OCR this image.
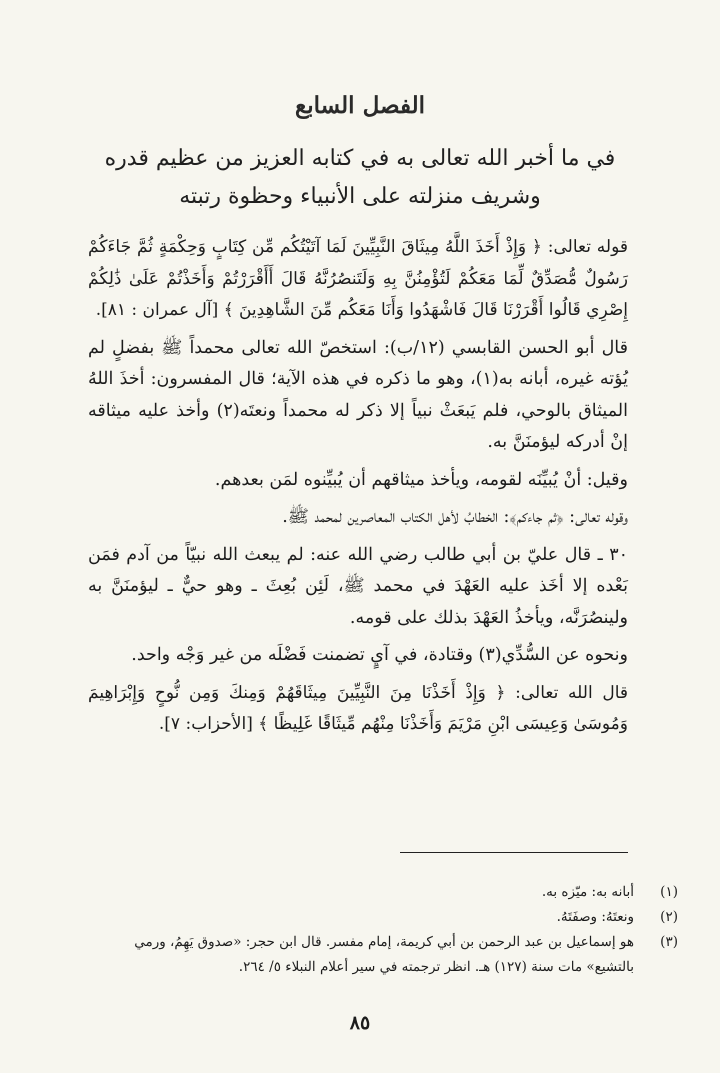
الفصل السابع

في ما أخبر الله تعالى به في كتابه العزيز من عظيم قدره وشريف منزلته على الأنبياء وحظوة رتبته

قوله تعالى: ﴿ وَإِذْ أَخَذَ اللَّهُ مِيثَاقَ النَّبِيِّينَ لَمَا آتَيْتُكُم مِّن كِتَابٍ وَحِكْمَةٍ ثُمَّ جَاءَكُمْ رَسُولٌ مُّصَدِّقٌ لِّمَا مَعَكُمْ لَتُؤْمِنُنَّ بِهِ وَلَتَنصُرُنَّهُ قَالَ أَأَقْرَرْتُمْ وَأَخَذْتُمْ عَلَىٰ ذَٰلِكُمْ إِصْرِي قَالُوا أَقْرَرْنَا قَالَ فَاشْهَدُوا وَأَنَا مَعَكُم مِّنَ الشَّاهِدِينَ ﴾ [آل عمران : ٨١].

قال أبو الحسن القابسي (١٢/ب): استخصّ الله تعالى محمداً ﷺ بفضلٍ لم يُؤته غيره، أبانه به(١)، وهو ما ذكره في هذه الآية؛ قال المفسرون: أخذَ اللهُ الميثاق بالوحي، فلم يَبعَثْ نبياً إلا ذكر له محمداً ونعتَه(٢) وأخذ عليه ميثاقه إنْ أدركه ليؤمنَنَّ به.

وقيل: أنْ يُبيِّنَه لقومه، ويأخذ ميثاقهم أن يُبيِّنوه لمَن بعدهم.

وقوله تعالى: ﴿ثم جاءكم﴾: الخطابُ لأهل الكتاب المعاصرين لمحمد ﷺ.

٣٠ ـ قال عليّ بن أبي طالب رضي الله عنه: لم يبعث الله نبيّاً من آدم فمَن بَعْده إلا أخَذ عليه العَهْدَ في محمد ﷺ، لَئِن بُعِثَ ـ وهو حيٌّ ـ ليؤمنَنَّ به ولينصُرَنَّه، ويأخذُ العَهْدَ بذلك على قومه.

ونحوه عن السُّدِّي(٣) وقتادة، في آيٍ تضمنت فَضْلَه من غير وَجْه واحد.

قال الله تعالى: ﴿ وَإِذْ أَخَذْنَا مِنَ النَّبِيِّينَ مِيثَاقَهُمْ وَمِنكَ وَمِن نُّوحٍ وَإِبْرَاهِيمَ وَمُوسَىٰ وَعِيسَى ابْنِ مَرْيَمَ وَأَخَذْنَا مِنْهُم مِّيثَاقًا غَلِيظًا ﴾ [الأحزاب: ٧].

(١)
أبانه به: ميّزه به.
(٢)
ونعتَهُ: وصفَتَهُ.
(٣)
هو إسماعيل بن عبد الرحمن بن أبي كريمة، إمام مفسر. قال ابن حجر: «صدوق يَهِمُ، ورمي بالتشيع» مات سنة (١٢٧) هـ. انظر ترجمته في سير أعلام النبلاء ٥/ ٢٦٤.
٨٥
